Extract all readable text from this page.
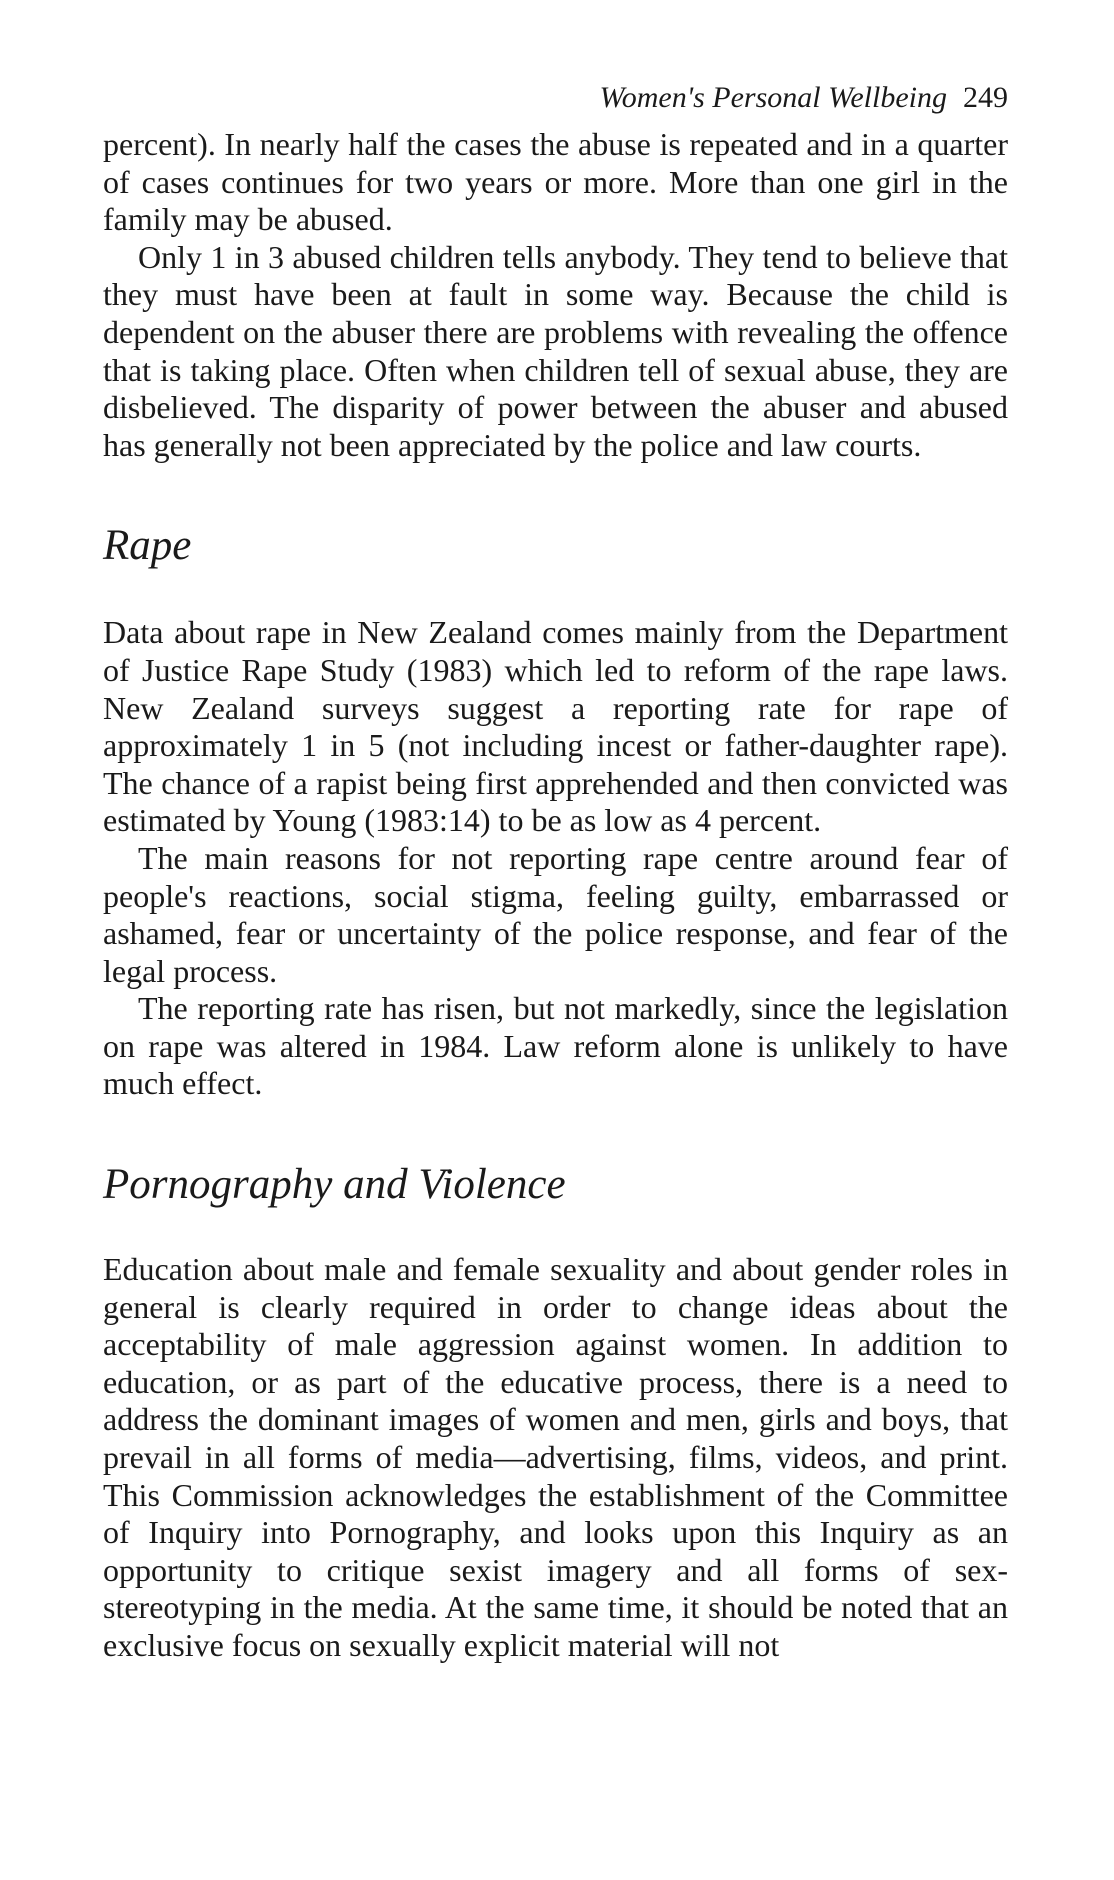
Women's Personal Wellbeing 249

percent). In nearly half the cases the abuse is repeated and in a quarter of cases continues for two years or more. More than one girl in the family may be abused.

Only 1 in 3 abused children tells anybody. They tend to believe that they must have been at fault in some way. Because the child is dependent on the abuser there are problems with revealing the offence that is taking place. Often when children tell of sexual abuse, they are disbelieved. The disparity of power between the abuser and abused has generally not been appreciated by the police and law courts.

Rape

Data about rape in New Zealand comes mainly from the Department of Justice Rape Study (1983) which led to reform of the rape laws. New Zealand surveys suggest a reporting rate for rape of approximately 1 in 5 (not including incest or father-daughter rape). The chance of a rapist being first apprehended and then convicted was estimated by Young (1983:14) to be as low as 4 percent.

The main reasons for not reporting rape centre around fear of people's reactions, social stigma, feeling guilty, embarrassed or ashamed, fear or uncertainty of the police response, and fear of the legal process.

The reporting rate has risen, but not markedly, since the legislation on rape was altered in 1984. Law reform alone is unlikely to have much effect.

Pornography and Violence

Education about male and female sexuality and about gender roles in general is clearly required in order to change ideas about the acceptability of male aggression against women. In addition to education, or as part of the educative process, there is a need to address the dominant images of women and men, girls and boys, that prevail in all forms of media—advertising, films, videos, and print. This Commission acknowledges the establishment of the Committee of Inquiry into Pornography, and looks upon this Inquiry as an opportunity to critique sexist imagery and all forms of sex-stereotyping in the media. At the same time, it should be noted that an exclusive focus on sexually explicit material will not
